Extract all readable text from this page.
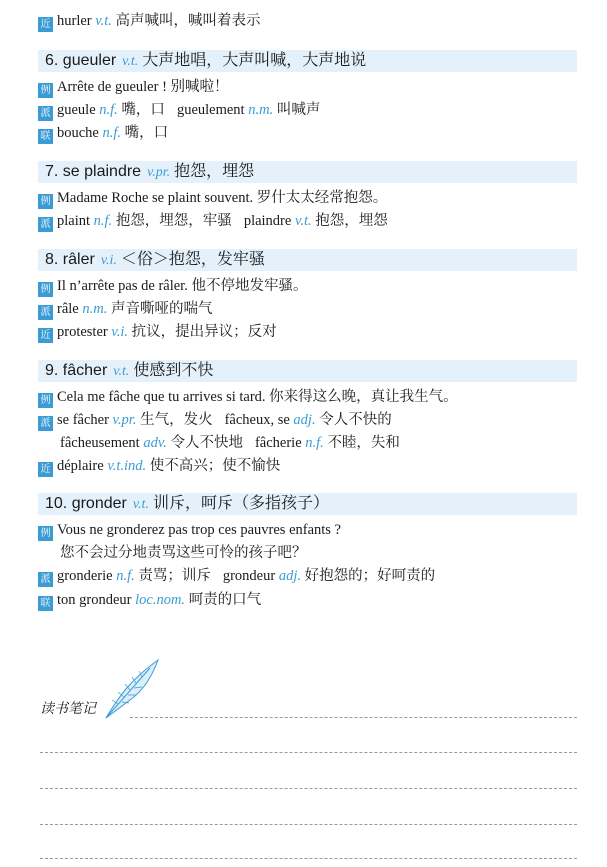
近 hurler v.t. 高声喊叫，喊叫着表示
6. gueuler v.t. 大声地唱，大声叫喊，大声地说
例 Arrête de gueuler ! 别喊啦！
派 gueule n.f. 嘴，口 gueulement n.m. 叫喊声
联 bouche n.f. 嘴，口
7. se plaindre v.pr. 抱怨，埋怨
例 Madame Roche se plaint souvent. 罗什太太经常抱怨。
派 plaint n.f. 抱怨，埋怨，牢骚 plaindre v.t. 抱怨，埋怨
8. râler v.i. ＜俗＞抱怨，发牢骚
例 Il n’arrête pas de râler. 他不停地发牢骚。
派 râle n.m. 声音嘶哑的喘气
近 protester v.i. 抗议，提出异议；反对
9. fâcher v.t. 使感到不快
例 Cela me fâche que tu arrives si tard. 你来得这么晚，真让我生气。
派 se fâcher v.pr. 生气，发火 fâcheux, se adj. 令人不快的
fâcheusement adv. 令人不快地 fâcherie n.f. 不睦，失和
近 déplaire v.t.ind. 使不高兴；使不愉快
10. gronder v.t. 训斥，呵斥（多指孩子）
例 Vous ne gronderez pas trop ces pauvres enfants ?
您不会过分地责骂这些可怜的孩子吧？
派 gronderie n.f. 责骂；训斥 grondeur adj. 好抱怨的；好呵责的
联 ton grondeur loc.nom. 呵责的口气
读书笔记
